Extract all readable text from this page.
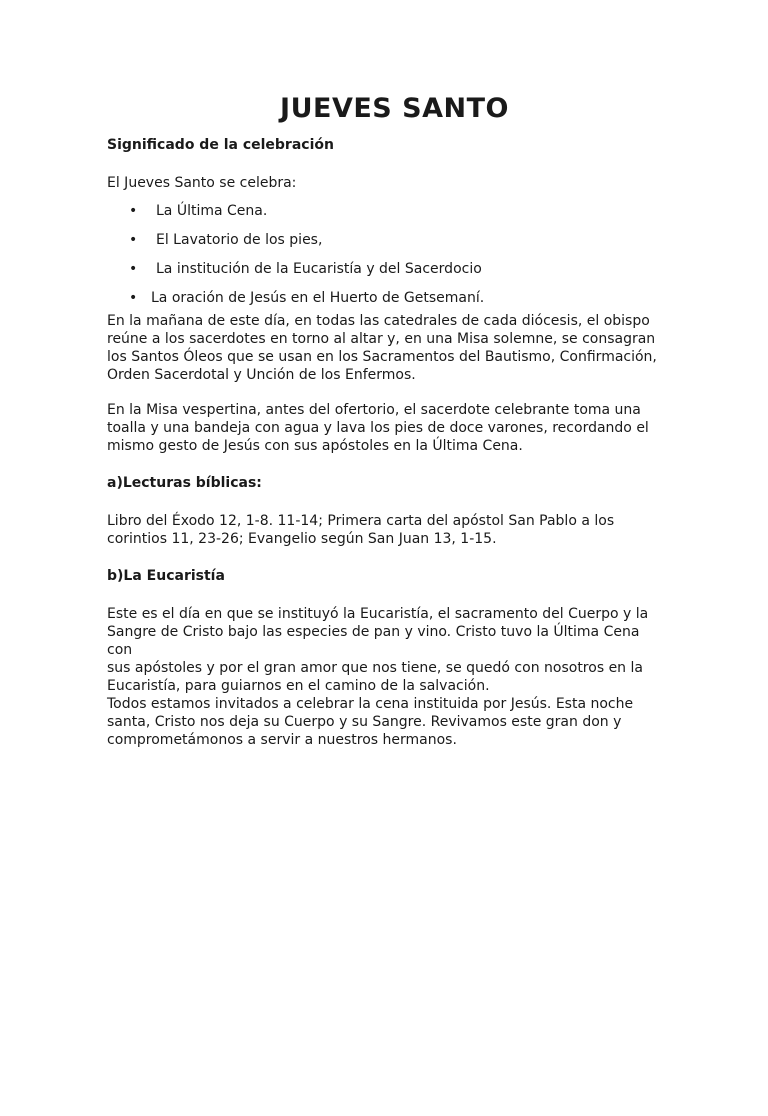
JUEVES SANTO
Significado de la celebración
El Jueves Santo se celebra:
• La Última Cena.
• El Lavatorio de los pies,
• La institución de la Eucaristía y del Sacerdocio
• La oración de Jesús en el Huerto de Getsemaní.
En la mañana de este día, en todas las catedrales de cada diócesis, el obispo
reúne a los sacerdotes en torno al altar y, en una Misa solemne, se consagran
los Santos Óleos que se usan en los Sacramentos del Bautismo, Confirmación,
Orden Sacerdotal y Unción de los Enfermos.
En la Misa vespertina, antes del ofertorio, el sacerdote celebrante toma una
toalla y una bandeja con agua y lava los pies de doce varones, recordando el
mismo gesto de Jesús con sus apóstoles en la Última Cena.
a)Lecturas bíblicas:
Libro del Éxodo 12, 1-8. 11-14; Primera carta del apóstol San Pablo a los
corintios 11, 23-26; Evangelio según San Juan 13, 1-15.
b)La Eucaristía
Este es el día en que se instituyó la Eucaristía, el sacramento del Cuerpo y la
Sangre de Cristo bajo las especies de pan y vino. Cristo tuvo la Última Cena con
sus apóstoles y por el gran amor que nos tiene, se quedó con nosotros en la
Eucaristía, para guiarnos en el camino de la salvación.
Todos estamos invitados a celebrar la cena instituida por Jesús. Esta noche
santa, Cristo nos deja su Cuerpo y su Sangre. Revivamos este gran don y
comprometámonos a servir a nuestros hermanos.
